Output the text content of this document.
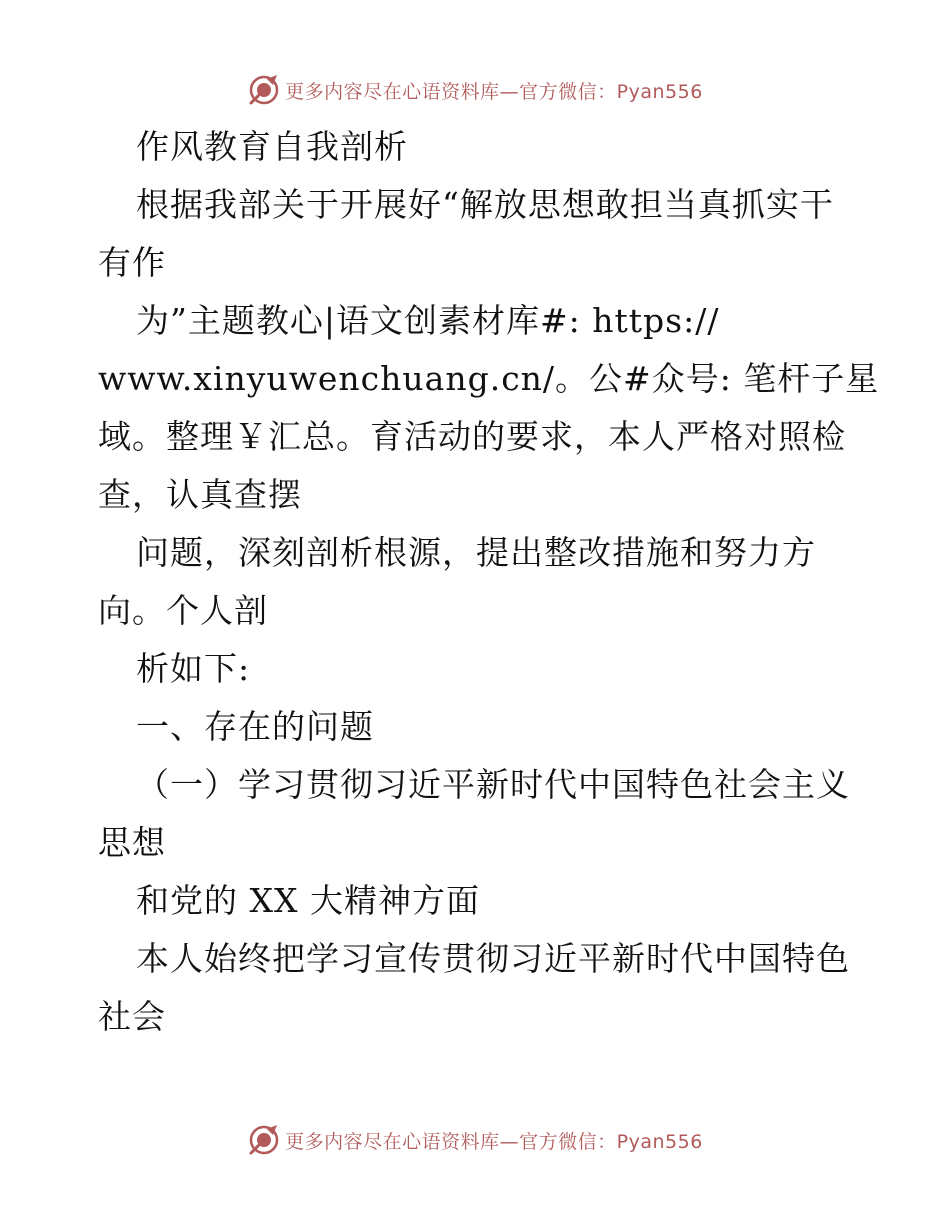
更多内容尽在心语资料库—官方微信：Pyan556
作风教育自我剖析
根据我部关于开展好“解放思想敢担当真抓实干
有作
为”主题教心|语文创素材库#: https://
www.xinyuwenchuang.cn/。公#众号: 笔杆子星
域。整理￥汇总。育活动的要求，本人严格对照检
查，认真查摆
问题，深刻剖析根源，提出整改措施和努力方
向。个人剖
析如下:
一、存在的问题
（一）学习贯彻习近平新时代中国特色社会主义
思想
和党的 XX 大精神方面
本人始终把学习宣传贯彻习近平新时代中国特色
社会
更多内容尽在心语资料库—官方微信：Pyan556
